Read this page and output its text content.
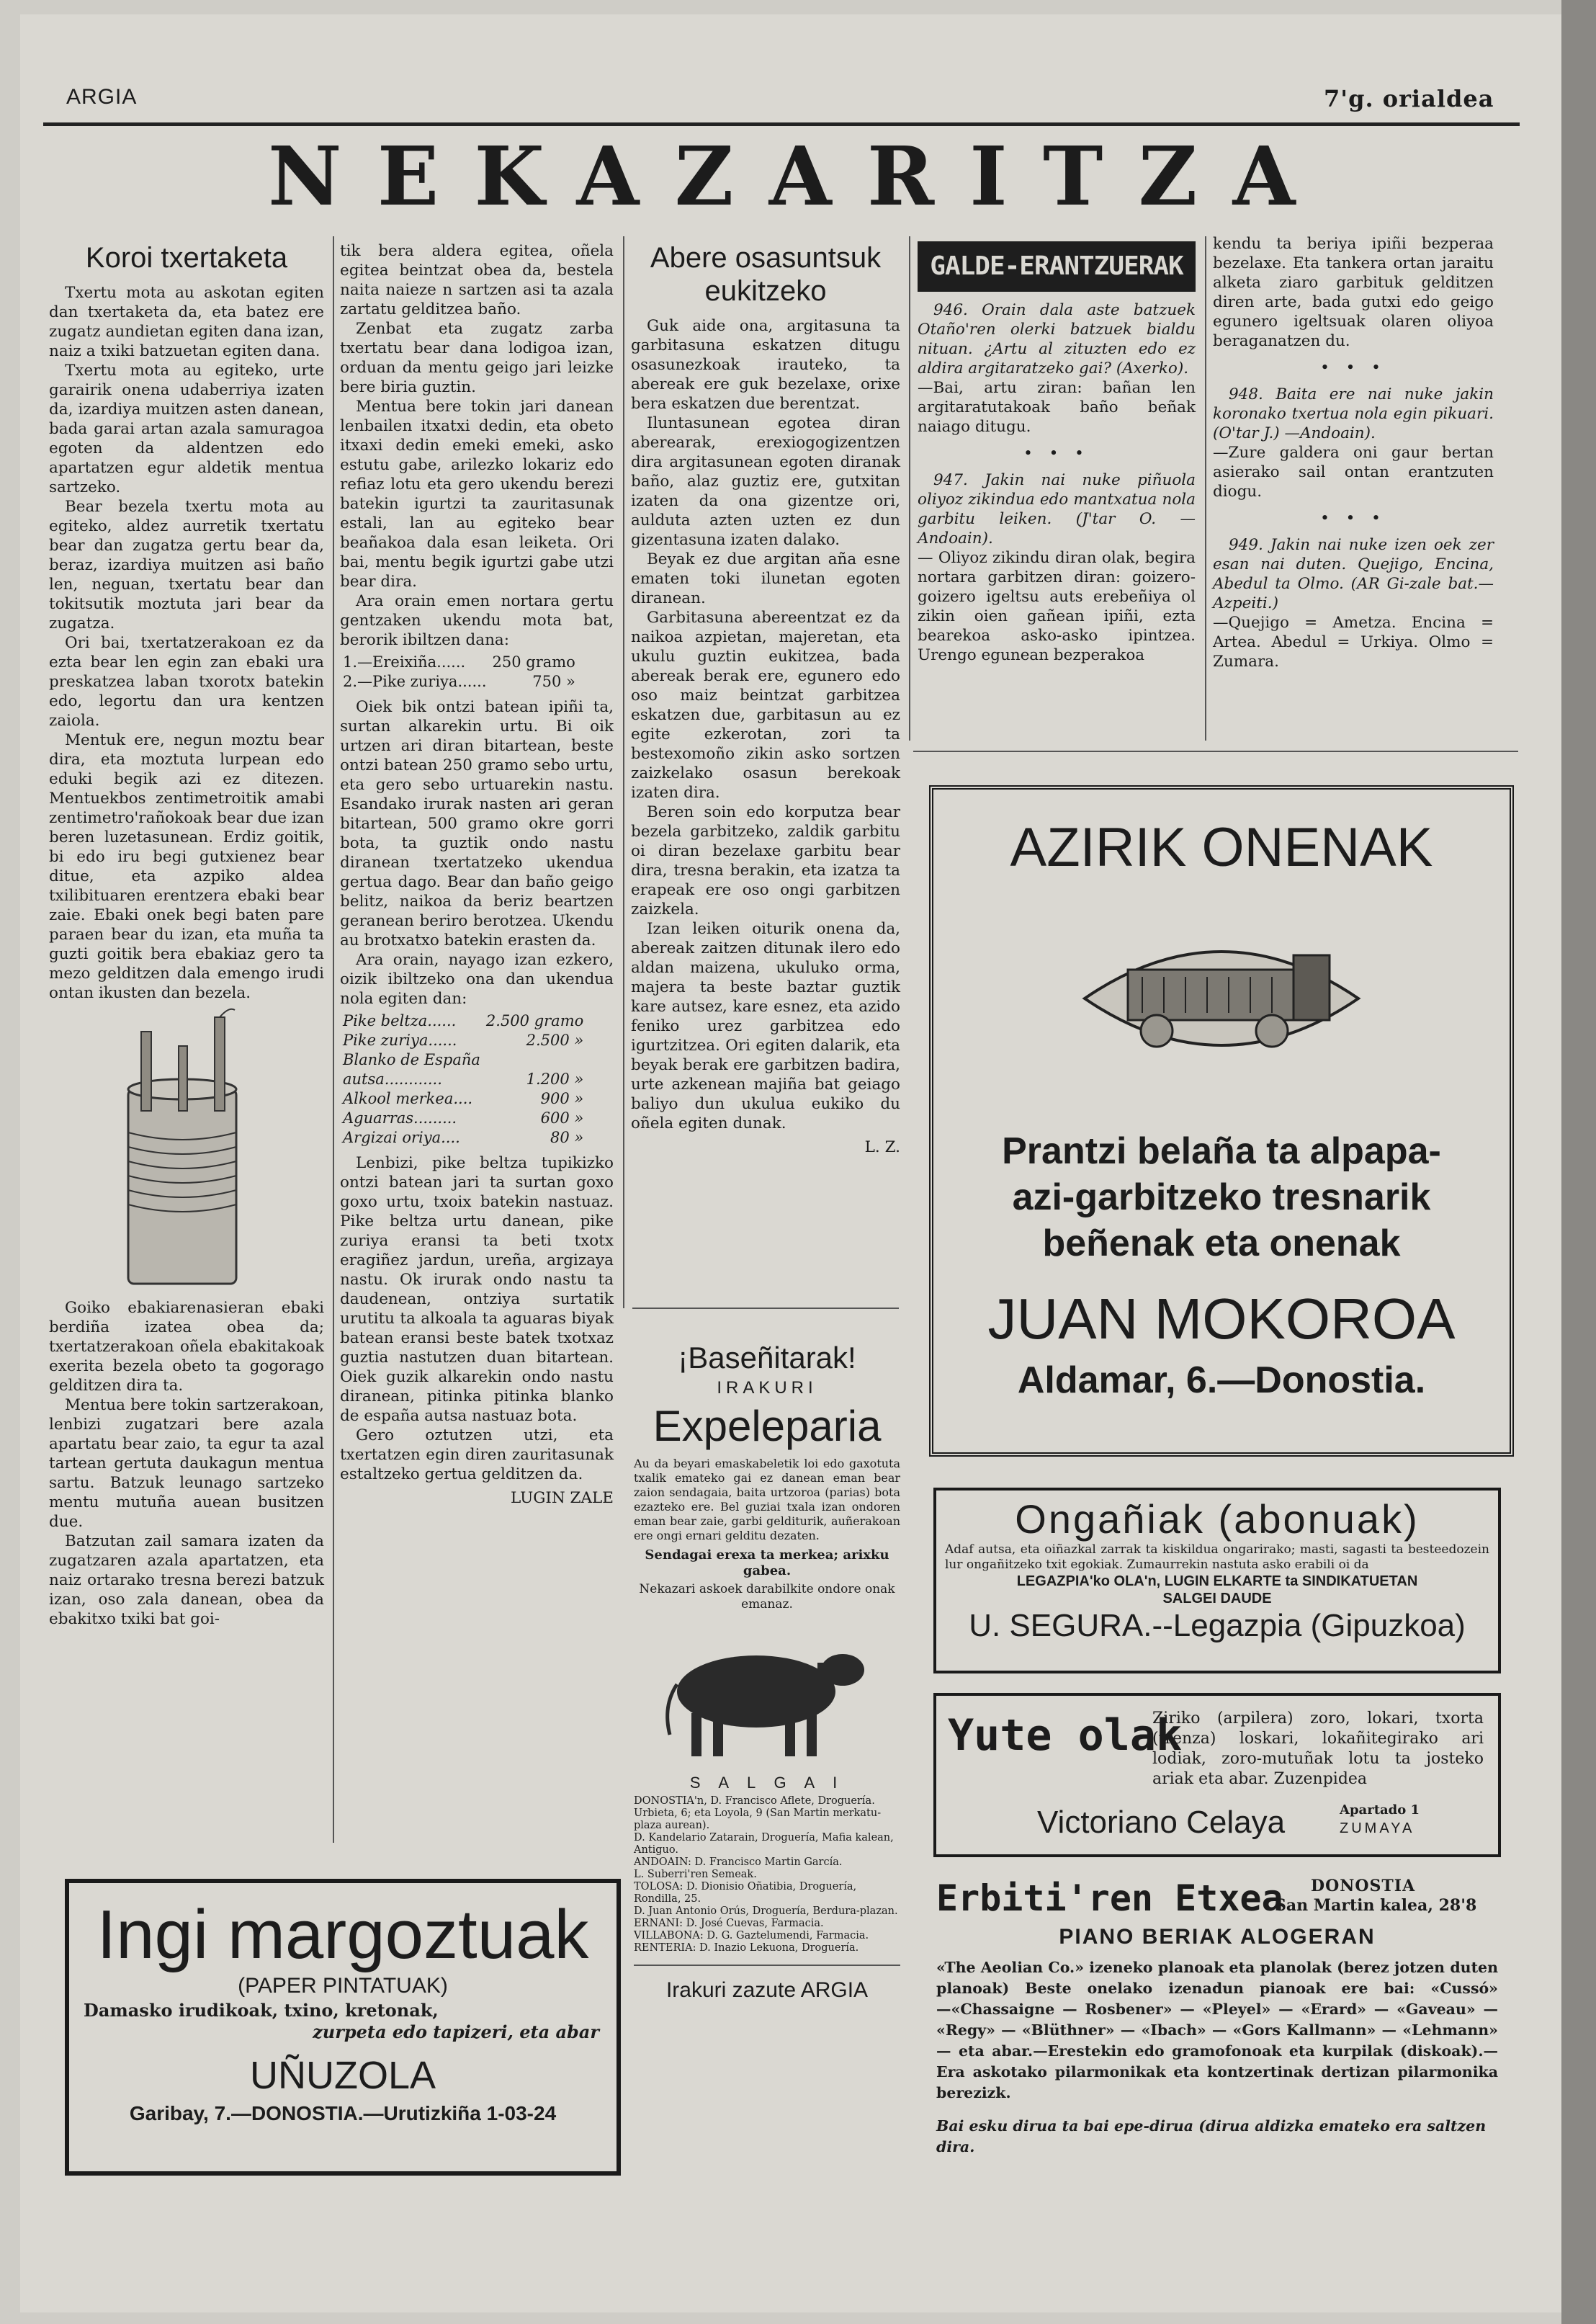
ARGIA	7'g. orialdea
NEKAZARITZA
Koroi txertaketa

Txertu mota au askotan egiten dan txertaketa da, eta batez ere zugatz aundietan egiten dana izan, naiz a txiki batzuetan egiten dana.

Txertu mota au egiteko, urte garairik onena udaberriya izaten da, izardiya muitzen asten danean, bada garai artan azala samuragoa egoten da aldentzen edo apartatzen egur aldetik mentua sartzeko.

Bear bezela txertu mota au egiteko, aldez aurretik txertatu bear dan zugatza gertu bear da, beraz, izardiya muitzen asi baño len, neguan, txertatu bear dan tokitsutik moztuta jari bear da zugatza.

Ori bai, txertatzerakoan ez da ezta bear len egin zan ebaki ura preskatzea laban txorotx batekin edo, legortu dan ura kentzen zaiola.

Mentuk ere, negun moztu bear dira, eta moztuta lurpean edo eduki begik azi ez ditezen. Mentuekbos zentimetroitik amabi zentimetro'rañokoak bear due izan beren luzetasunean. Erdiz goitik, bi edo iru begi gutxienez bear ditue, eta azpiko aldea txilibituaren erentzera ebaki bear zaie. Ebaki onek begi baten pare paraen bear du izan, eta muña ta guzti goitik bera ebakiaz gero ta mezo gelditzen dala emengo irudi ontan ikusten dan bezela.

Goiko ebakiarenasieran ebaki berdiña izatea obea da; txertatzerakoan oñela ebakitakoak exerita bezela obeto ta gogorago gelditzen dira ta.

Mentua bere tokin sartzerakoan, lenbizi zugatzari bere azala apartatu bear zaio, ta egur ta azal tartean gertuta daukagun mentua sartu. Batzuk leunago sartzeko mentu mutuña auean busitzen due.

Batzutan zail samara izaten da zugatzaren azala apartatzen, eta naiz ortarako tresna berezi batzuk izan, oso zala danean, obea da ebakitxo txiki bat goi-

tik bera aldera egitea, oñela egitea beintzat obea da, bestela naita naieze n sartzen asi ta azala zartatu gelditzea baño.

Zenbat eta zugatz zarba txertatu bear dana lodigoa izan, orduan da mentu geigo jari leizke bere biria guztin.

Mentua bere tokin jari danean lenbailen itxatxi dedin, eta obeto itxaxi dedin emeki emeki, asko estutu gabe, arilezko lokariz edo refiaz lotu eta gero ukendu berezi batekin igurtzi ta zauritasunak estali, lan au egiteko bear beañakoa dala esan leiketa. Ori bai, mentu begik igurtzi gabe utzi bear dira.

Ara orain emen nortara gertu gentzaken ukendu mota bat, berorik ibiltzen dana:

1.—Ereixiña......	250 gramo
2.—Pike zuriya......	750 »

Oiek bik ontzi batean ipiñi ta, surtan alkarekin urtu. Bi oik urtzen ari diran bitartean, beste ontzi batean 250 gramo sebo urtu, eta gero sebo urtuarekin nastu. Esandako irurak nasten ari geran bitartean, 500 gramo okre gorri bota, ta guztik ondo nastu diranean txertatzeko ukendua gertua dago. Bear dan baño geigo belitz, naikoa da beriz beartzen geranean beriro berotzea. Ukendu au brotxatxo batekin erasten da.

Ara orain, nayago izan ezkero, oizik ibiltzeko ona dan ukendua nola egiten dan:

Pike beltza......	2.500 gramo
Pike zuriya......	2.500 »
Blanko de España	
autsa............	1.200 »
Alkool merkea....	900 »
Aguarras.........	600 »
Argizai oriya....	80 »

Lenbizi, pike beltza tupikizko ontzi batean jari ta surtan goxo goxo urtu, txoix batekin nastuaz. Pike beltza urtu danean, pike zuriya eransi ta beti txotx eragiñez jardun, ureña, argizaya nastu. Ok irurak ondo nastu ta daudenean, ontziya surtatik urutitu ta alkoala ta aguaras biyak batean eransi beste batek txotxaz guztia nastutzen duan bitartean. Oiek guzik alkarekin ondo nastu diranean, pitinka pitinka blanko de españa autsa nastuaz bota.

Gero oztutzen utzi, eta txertatzen egin diren zauritasunak estaltzeko gertua gelditzen da.

LUGIN ZALE

Abere osasuntsuk eukitzeko

Guk aide ona, argitasuna ta garbitasuna eskatzen ditugu osasunezkoak irauteko, ta abereak ere guk bezelaxe, orixe bera eskatzen due berentzat.

Iluntasunean egotea diran aberearak, erexiogogizentzen dira argitasunean egoten diranak baño, alaz guztiz ere, gutxitan izaten da ona gizentze ori, aulduta azten uzten ez dun gizentasuna izaten dalako.

Beyak ez due argitan aña esne ematen toki ilunetan egoten diranean.

Garbitasuna abereentzat ez da naikoa azpietan, majeretan, eta ukulu guztin eukitzea, bada abereak berak ere, egunero edo oso maiz beintzat garbitzea eskatzen due, garbitasun au ez egite ezkerotan, zori ta bestexomoño zikin asko sortzen zaizkelako osasun berekoak izaten dira.

Beren soin edo korputza bear bezela garbitzeko, zaldik garbitu oi diran bezelaxe garbitu bear dira, tresna berakin, eta izatza ta erapeak ere oso ongi garbitzen zaizkela.

Izan leiken oiturik onena da, abereak zaitzen ditunak ilero edo aldan maizena, ukuluko orma, majera ta beste baztar guztik kare autsez, kare esnez, eta azido feniko urez garbitzea edo igurtzitzea. Ori egiten dalarik, eta beyak berak ere garbitzen badira, urte azkenean majiña bat geiago baliyo dun ukulua eukiko du oñela egiten dunak.

L. Z.

GALDE-ERANTZUERAK

946. Orain dala aste batzuek Otaño'ren olerki batzuek bialdu nituan. ¿Artu al zituzten edo ez aldira argitaratzeko gai? (Axerko).

—Bai, artu ziran: bañan len argitaratutakoak baño beñak naiago ditugu.

• • •

947. Jakin nai nuke piñuola oliyoz zikindua edo mantxatua nola garbitu leiken. (J'tar O. — Andoain).

— Oliyoz zikindu diran olak, begira nortara garbitzen diran: goizero-goizero igeltsu auts erebeñiya ol zikin oien gañean ipiñi, ezta bearekoa asko-asko ipintzea. Urengo egunean bezperakoa

kendu ta beriya ipiñi bezperaa bezelaxe. Eta tankera ortan jaraitu alketa ziaro garbituk gelditzen diren arte, bada gutxi edo geigo egunero igeltsuak olaren oliyoa beraganatzen du.

• • •

948. Baita ere nai nuke jakin koronako txertua nola egin pikuari. (O'tar J.) —Andoain).

—Zure galdera oni gaur bertan asierako sail ontan erantzuten diogu.

• • •

949. Jakin nai nuke izen oek zer esan nai duten. Quejigo, Encina, Abedul ta Olmo. (AR Gi-zale bat.—Azpeiti.)

—Quejigo = Ametza. Encina = Artea. Abedul = Urkiya. Olmo = Zumara.

AZIRIK ONENAK
Prantzi belaña ta alpapa-
azi-garbitzeko tresnarik
beñenak eta onenak
JUAN MOKOROA
Aldamar, 6.—Donostia.
¡Baseñitarak!
IRAKURI
Expeleparia
Au da beyari emaskabeletik loi edo gaxotuta txalik emateko gai ez danean eman bear zaion sendagaia, baita urtzoroa (parias) bota ezazteko ere. Bel guziai txala izan ondoren eman bear zaie, garbi gelditurik, auñerakoan ere ongi ernari gelditu dezaten.
Sendagai erexa ta merkea; arixku gabea.
Nekazari askoek darabilkite ondore onak emanaz.
S A L G A I
DONOSTIA'n, D. Francisco Aflete, Droguería. Urbieta, 6; eta Loyola, 9 (San Martin merkatu-plaza aurean).
D. Kandelario Zatarain, Droguería, Mafia kalean, Antiguo.
ANDOAIN: D. Francisco Martin García.
L. Suberri'ren Semeak.
TOLOSA: D. Dionisio Oñatibia, Droguería, Rondilla, 25.
D. Juan Antonio Orús, Droguería, Berdura-plazan.
ERNANI: D. José Cuevas, Farmacia.
VILLABONA: D. G. Gaztelumendi, Farmacia.
RENTERIA: D. Inazio Lekuona, Droguería.
Irakuri zazute ARGIA
Ingi margoztuak
(PAPER PINTATUAK)
Damasko irudikoak, txino, kretonak,
zurpeta edo tapizeri, eta abar
UÑUZOLA
Garibay, 7.—DONOSTIA.—Urutizkiña 1-03-24
Ongañiak (abonuak)
Adaf autsa, eta oiñazkal zarrak ta kiskildua ongarirako; masti, sagasti ta besteedozein lur ongañitzeko txit egokiak. Zumaurrekin nastuta asko erabili oi da
LEGAZPIA'ko OLA'n, LUGIN ELKARTE ta SINDIKATUETAN
SALGEI DAUDE
U. SEGURA.--Legazpia (Gipuzkoa)
Yute olak
Ziriko (arpilera) zoro, lokari, txorta (trenza) loskari, lokañitegirako ari lodiak, zoro-mutuñak lotu ta josteko ariak eta abar. Zuzenpidea
Victoriano Celaya	Apartado 1
ZUMAYA
Erbiti'ren Etxea DONOSTIA
San Martin kalea, 28'8
PIANO BERIAK ALOGERAN
«The Aeolian Co.» izeneko planoak eta planolak (berez jotzen duten planoak) Beste onelako izenadun pianoak ere bai: «Cussó» —«Chassaigne — Rosbener» — «Pleyel» — «Erard» — «Gaveau» — «Regy» — «Blüthner» — «Ibach» — «Gors Kallmann» — «Lehmann» — eta abar.—Erestekin edo gramofonoak eta kurpilak (diskoak).—Era askotako pilarmonikak eta kontzertinak dertizan pilarmonika berezizk.
Bai esku dirua ta bai epe-dirua (dirua aldizka emateko era saltzen dira.
